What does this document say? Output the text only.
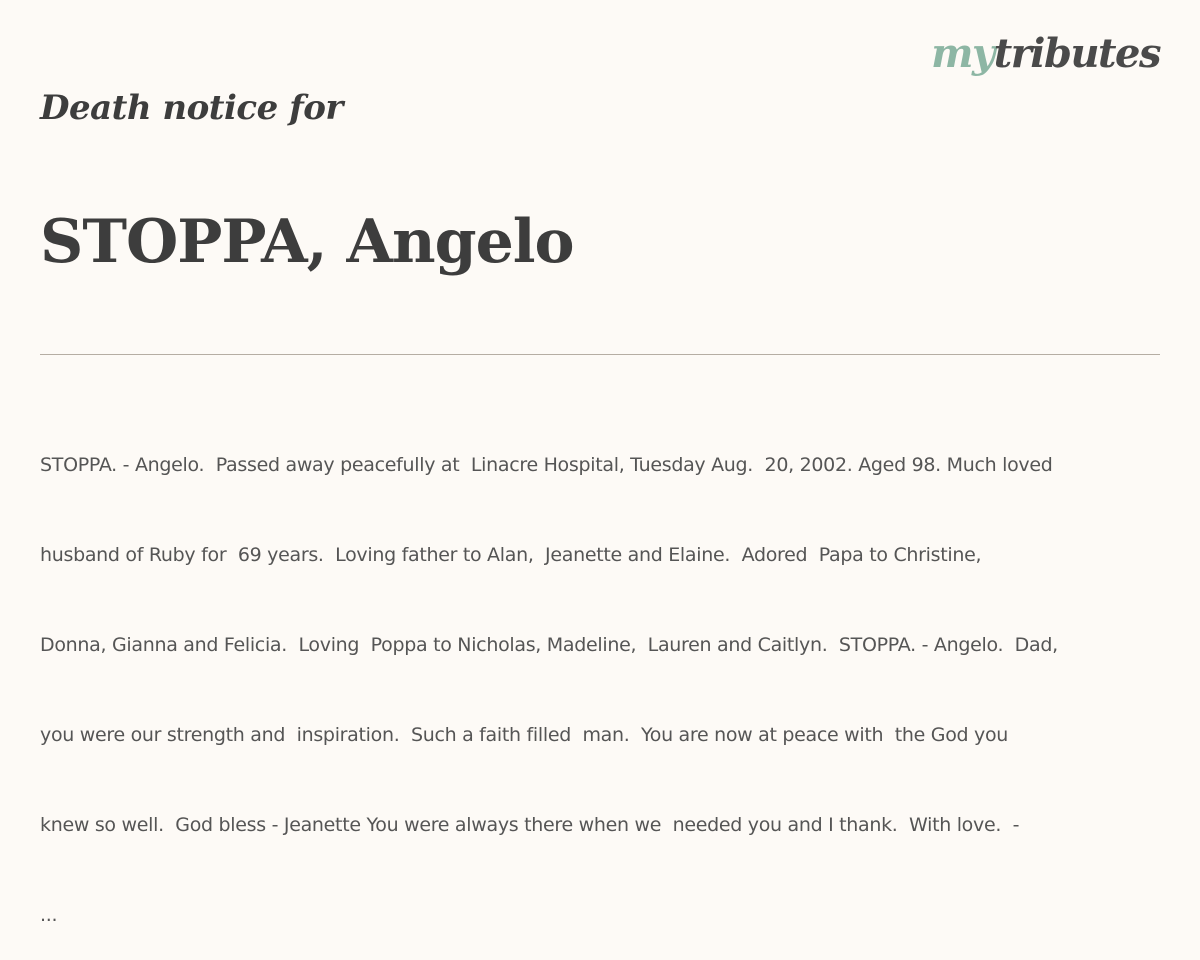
mytributes
Death notice for
STOPPA, Angelo

STOPPA. - Angelo.  Passed away peacefully at  Linacre Hospital, Tuesday Aug.  20, 2002. Aged 98. Much loved

husband of Ruby for  69 years.  Loving father to Alan,  Jeanette and Elaine.  Adored  Papa to Christine,

Donna, Gianna and Felicia.  Loving  Poppa to Nicholas, Madeline,  Lauren and Caitlyn.  STOPPA. - Angelo.  Dad,

you were our strength and  inspiration.  Such a faith filled  man.  You are now at peace with  the God you

knew so well.  God bless - Jeanette You were always there when we  needed you and I thank.  With love.  -

...
